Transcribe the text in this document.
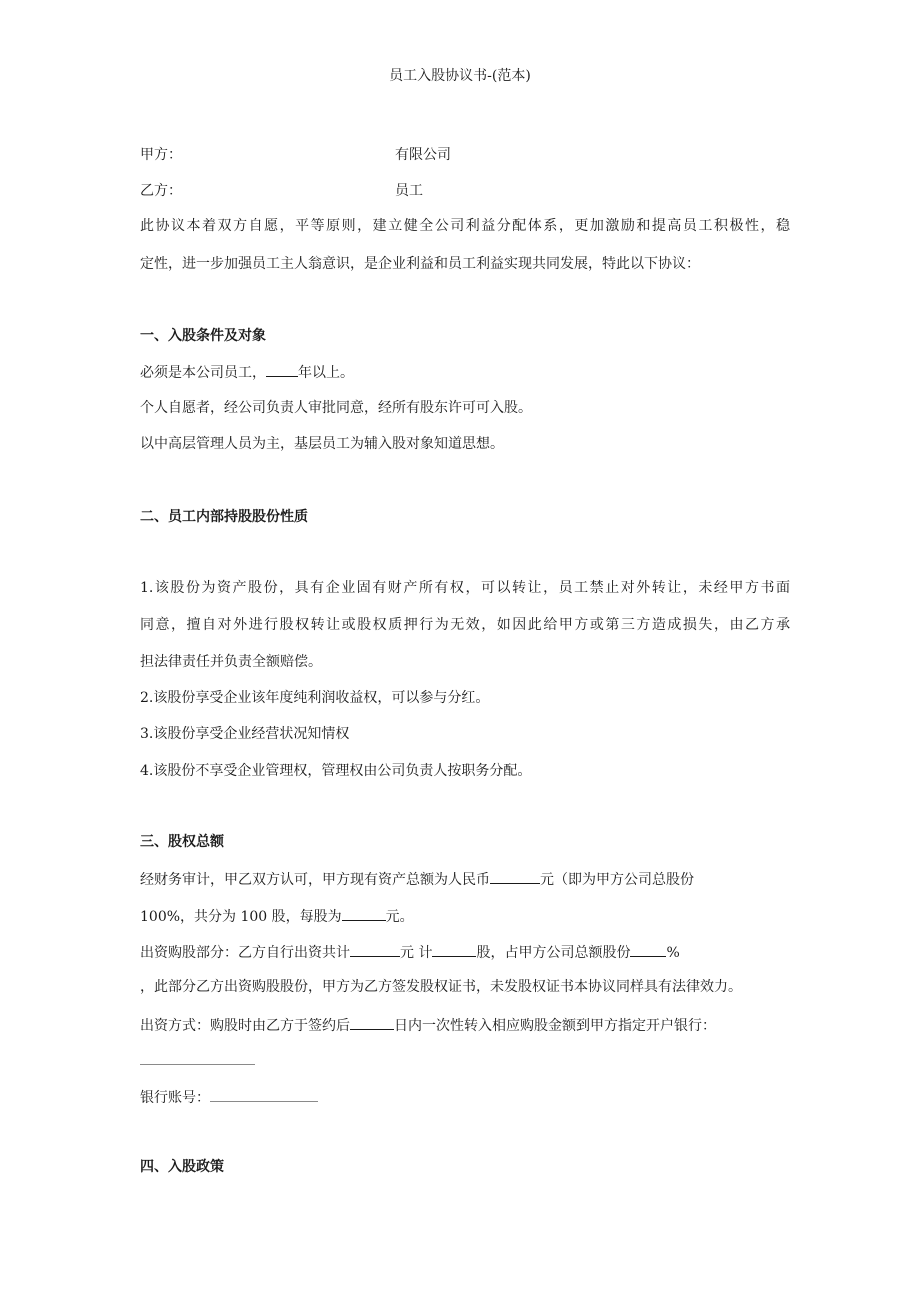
员工入股协议书-(范本)
甲方：	有限公司
乙方：	员工
此协议本着双方自愿，平等原则，建立健全公司利益分配体系，更加激励和提高员工积极性，稳
定性，进一步加强员工主人翁意识，是企业利益和员工利益实现共同发展，特此以下协议：
一、入股条件及对象
必须是本公司员工， 年以上。
个人自愿者，经公司负责人审批同意，经所有股东许可可入股。
以中高层管理人员为主，基层员工为辅入股对象知道思想。
二、员工内部持股股份性质
1.该股份为资产股份，具有企业固有财产所有权，可以转让，员工禁止对外转让，未经甲方书面
同意，擅自对外进行股权转让或股权质押行为无效，如因此给甲方或第三方造成损失，由乙方承
担法律责任并负责全额赔偿。
2.该股份享受企业该年度纯利润收益权，可以参与分红。
3.该股份享受企业经营状况知情权
4.该股份不享受企业管理权，管理权由公司负责人按职务分配。
三、股权总额
经财务审计，甲乙双方认可，甲方现有资产总额为人民币	元（即为甲方公司总股份
100%，共分为 100 股，每股为	元。
出资购股部分：乙方自行出资共计	元 计	股，占甲方公司总额股份	%
，此部分乙方出资购股股份，甲方为乙方签发股权证书，未发股权证书本协议同样具有法律效力。
出资方式：购股时由乙方于签约后	日内一次性转入相应购股金额到甲方指定开户银行：
银行账号：
四、入股政策
